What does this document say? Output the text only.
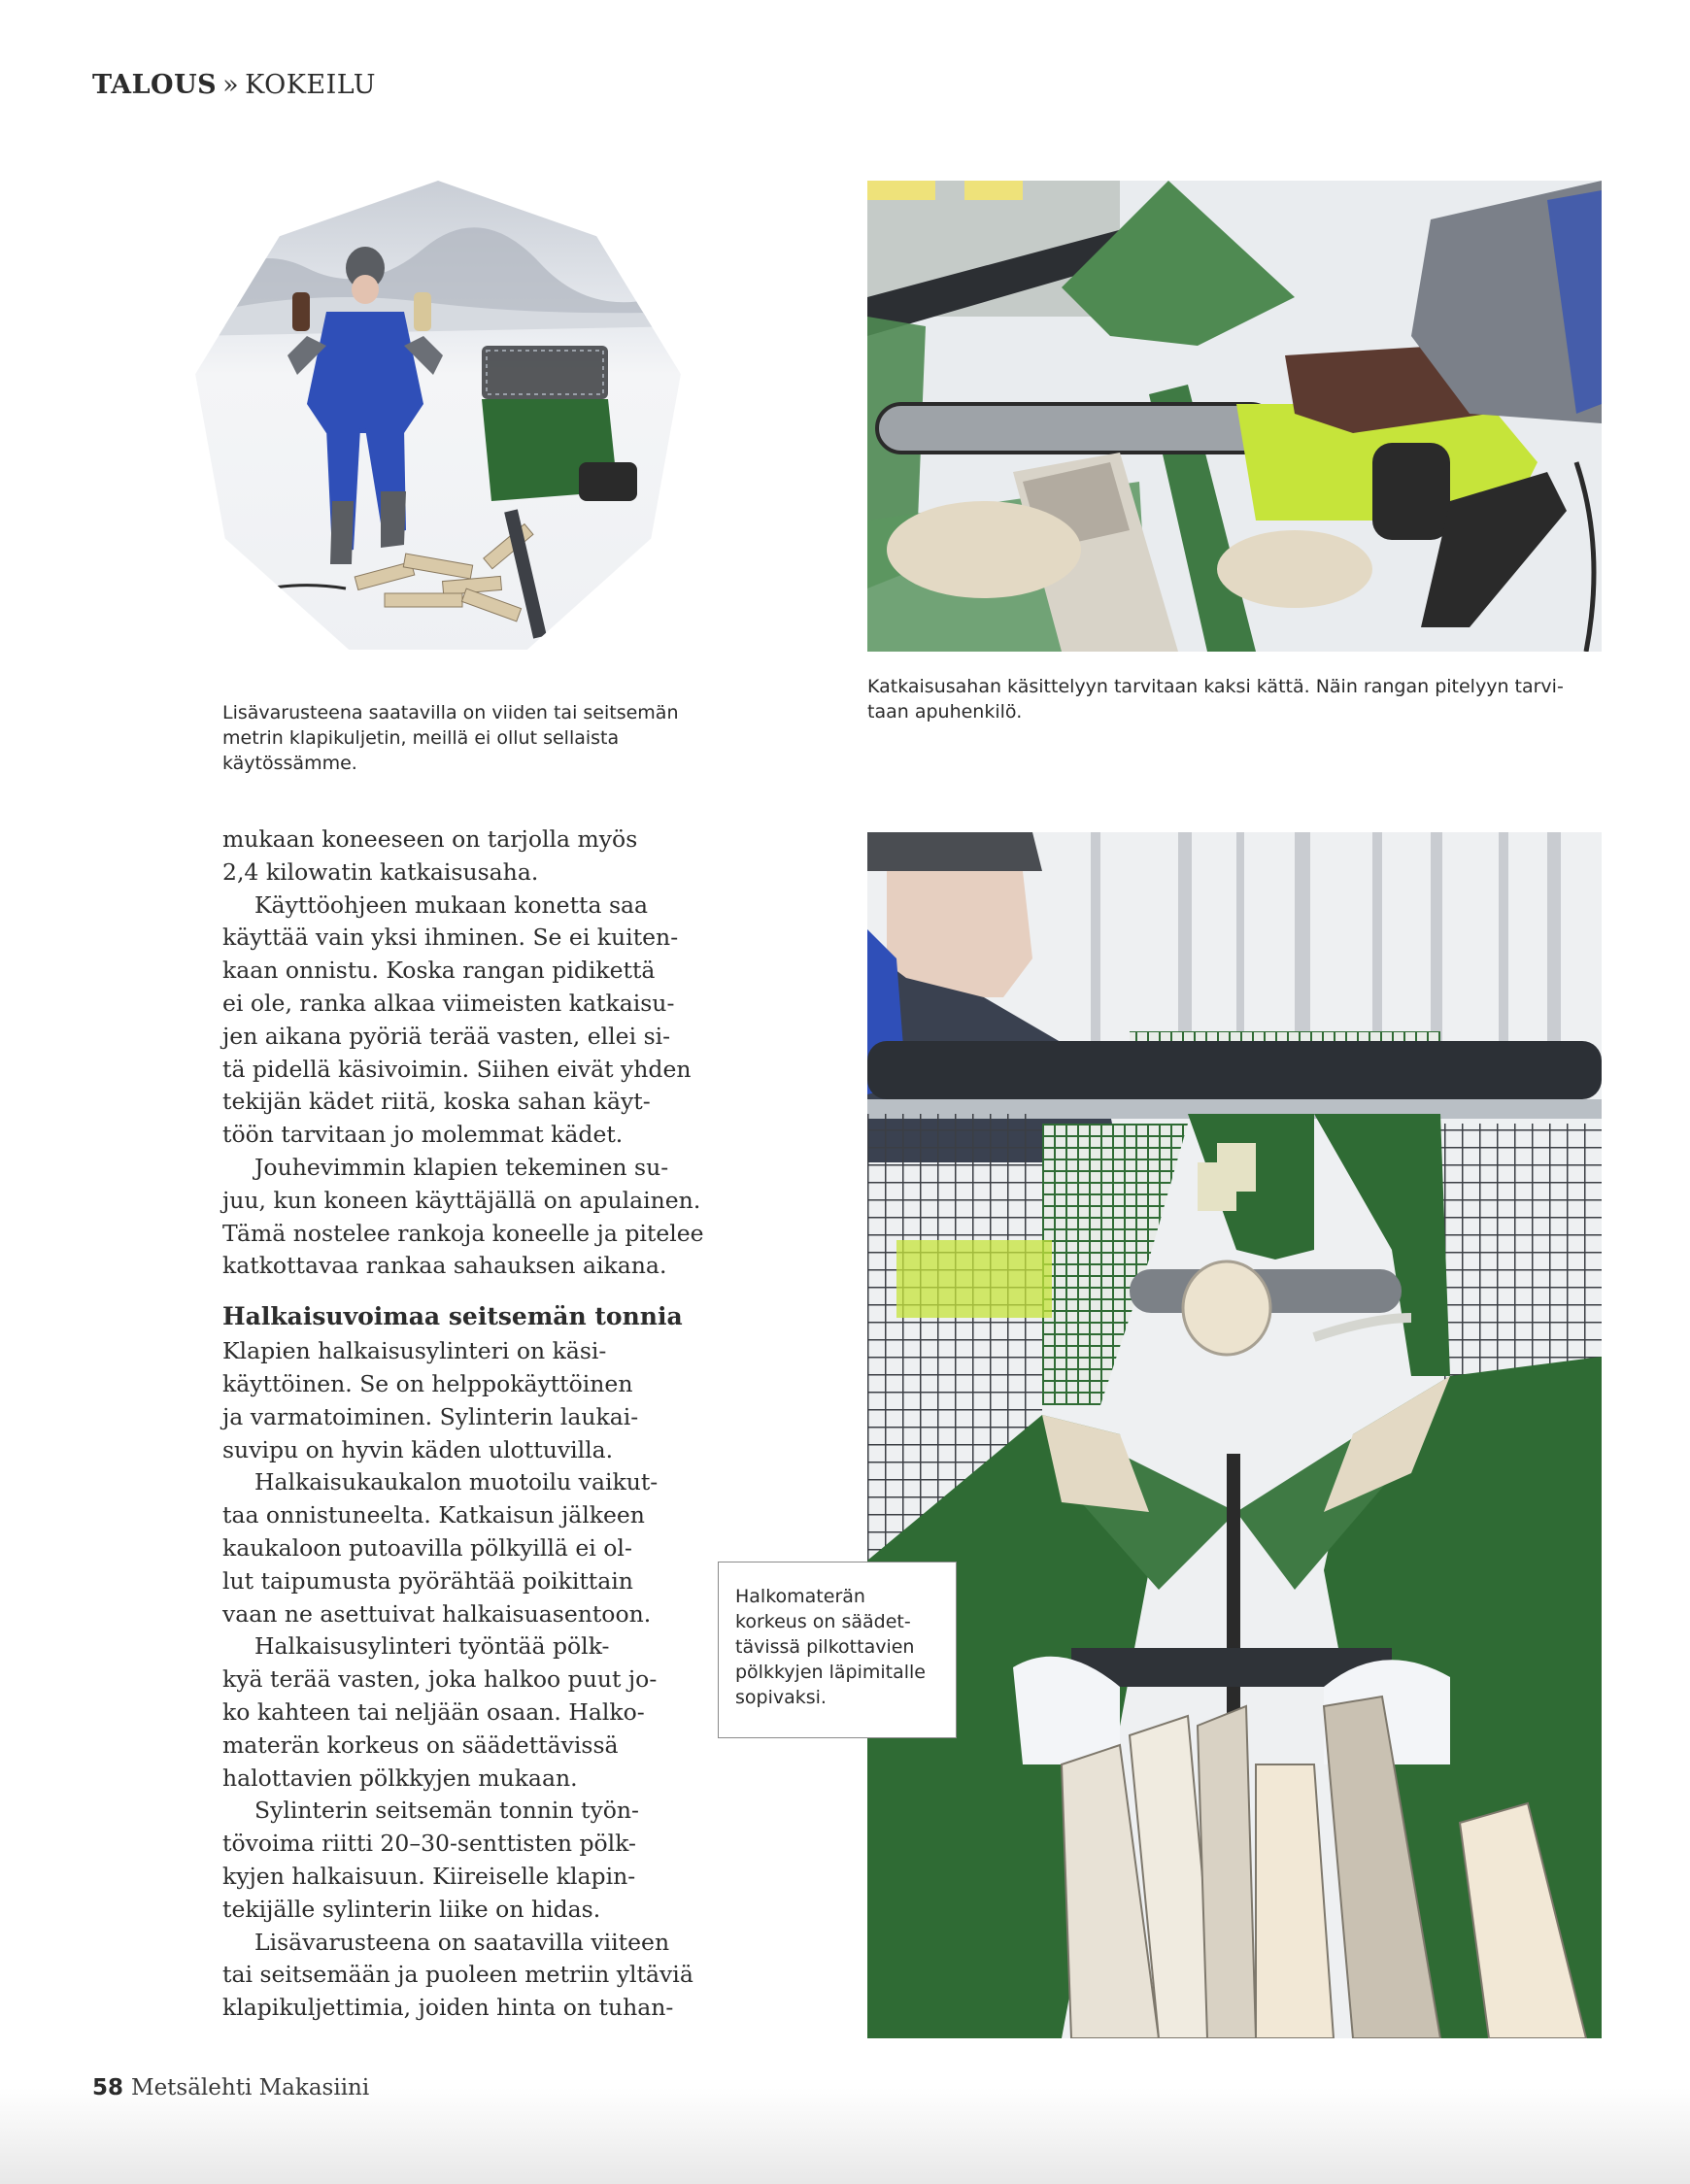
TALOUS » KOKEILU
Lisävarusteena saatavilla on viiden tai seitsemän
metrin klapikuljetin, meillä ei ollut sellaista
käytössämme.
Katkaisusahan käsittelyyn tarvitaan kaksi kättä. Näin rangan pitelyyn tarvi-
taan apuhenkilö.
Halkomaterän
korkeus on säädet-
tävissä pilkottavien
pölkkyjen läpimitalle
sopivaksi.
mukaan koneeseen on tarjolla myös
2,4 kilowatin katkaisusaha.
Käyttöohjeen mukaan konetta saa
käyttää vain yksi ihminen. Se ei kuiten-
kaan onnistu. Koska rangan pidikettä
ei ole, ranka alkaa viimeisten katkaisu-
jen aikana pyöriä terää vasten, ellei si-
tä pidellä käsivoimin. Siihen eivät yhden
tekijän kädet riitä, koska sahan käyt-
töön tarvitaan jo molemmat kädet.
Jouhevimmin klapien tekeminen su-
juu, kun koneen käyttäjällä on apulainen.
Tämä nostelee rankoja koneelle ja pitelee
katkottavaa rankaa sahauksen aikana.
Halkaisuvoimaa seitsemän tonnia
Klapien halkaisusylinteri on käsi-
käyttöinen. Se on helppokäyttöinen
ja varmatoiminen. Sylinterin laukai-
suvipu on hyvin käden ulottuvilla.
Halkaisukaukalon muotoilu vaikut-
taa onnistuneelta. Katkaisun jälkeen
kaukaloon putoavilla pölkyillä ei ol-
lut taipumusta pyörähtää poikittain
vaan ne asettuivat halkaisuasentoon.
Halkaisusylinteri työntää pölk-
kyä terää vasten, joka halkoo puut jo-
ko kahteen tai neljään osaan. Halko-
materän korkeus on säädettävissä
halottavien pölkkyjen mukaan.
Sylinterin seitsemän tonnin työn-
tövoima riitti 20–30-senttisten pölk-
kyjen halkaisuun. Kiireiselle klapin-
tekijälle sylinterin liike on hidas.
Lisävarusteena on saatavilla viiteen
tai seitsemään ja puoleen metriin yltäviä
klapikuljettimia, joiden hinta on tuhan-
58 Metsälehti Makasiini
